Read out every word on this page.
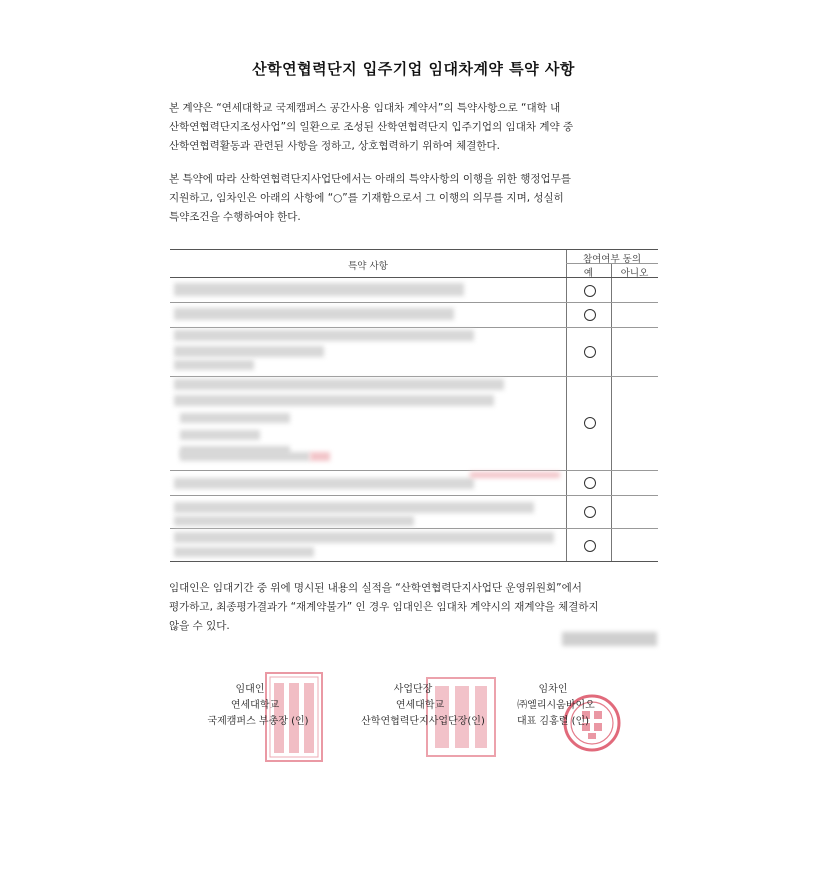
산학연협력단지 입주기업 임대차계약 특약 사항
본 계약은 “연세대학교 국제캠퍼스 공간사용 임대차 계약서”의 특약사항으로 “대학 내
산학연협력단지조성사업”의 일환으로 조성된 산학연협력단지 입주기업의 임대차 계약 중
산학연협력활동과 관련된 사항을 정하고, 상호협력하기 위하여 체결한다.
본 특약에 따라 산학연협력단지사업단에서는 아래의 특약사항의 이행을 위한 행정업무를
지원하고, 임차인은 아래의 사항에 “○”를 기재함으로서 그 이행의 의무를 지며, 성실히
특약조건을 수행하여야 한다.
특약 사항
참여여부 동의
예	아니오
임대인은 임대기간 중 위에 명시된 내용의 실적을 “산학연협력단지사업단 운영위원회”에서
평가하고, 최종평가결과가 “재계약불가” 인 경우 임대인은 임대차 계약시의 재계약을 체결하지
않을 수 있다.
임대인
연세대학교
국제캠퍼스 부총장 (인)
사업단장
연세대학교
산학연협력단지사업단장(인)
임차인
㈜엘리시움바이오
대표 김홍렬 (인)
